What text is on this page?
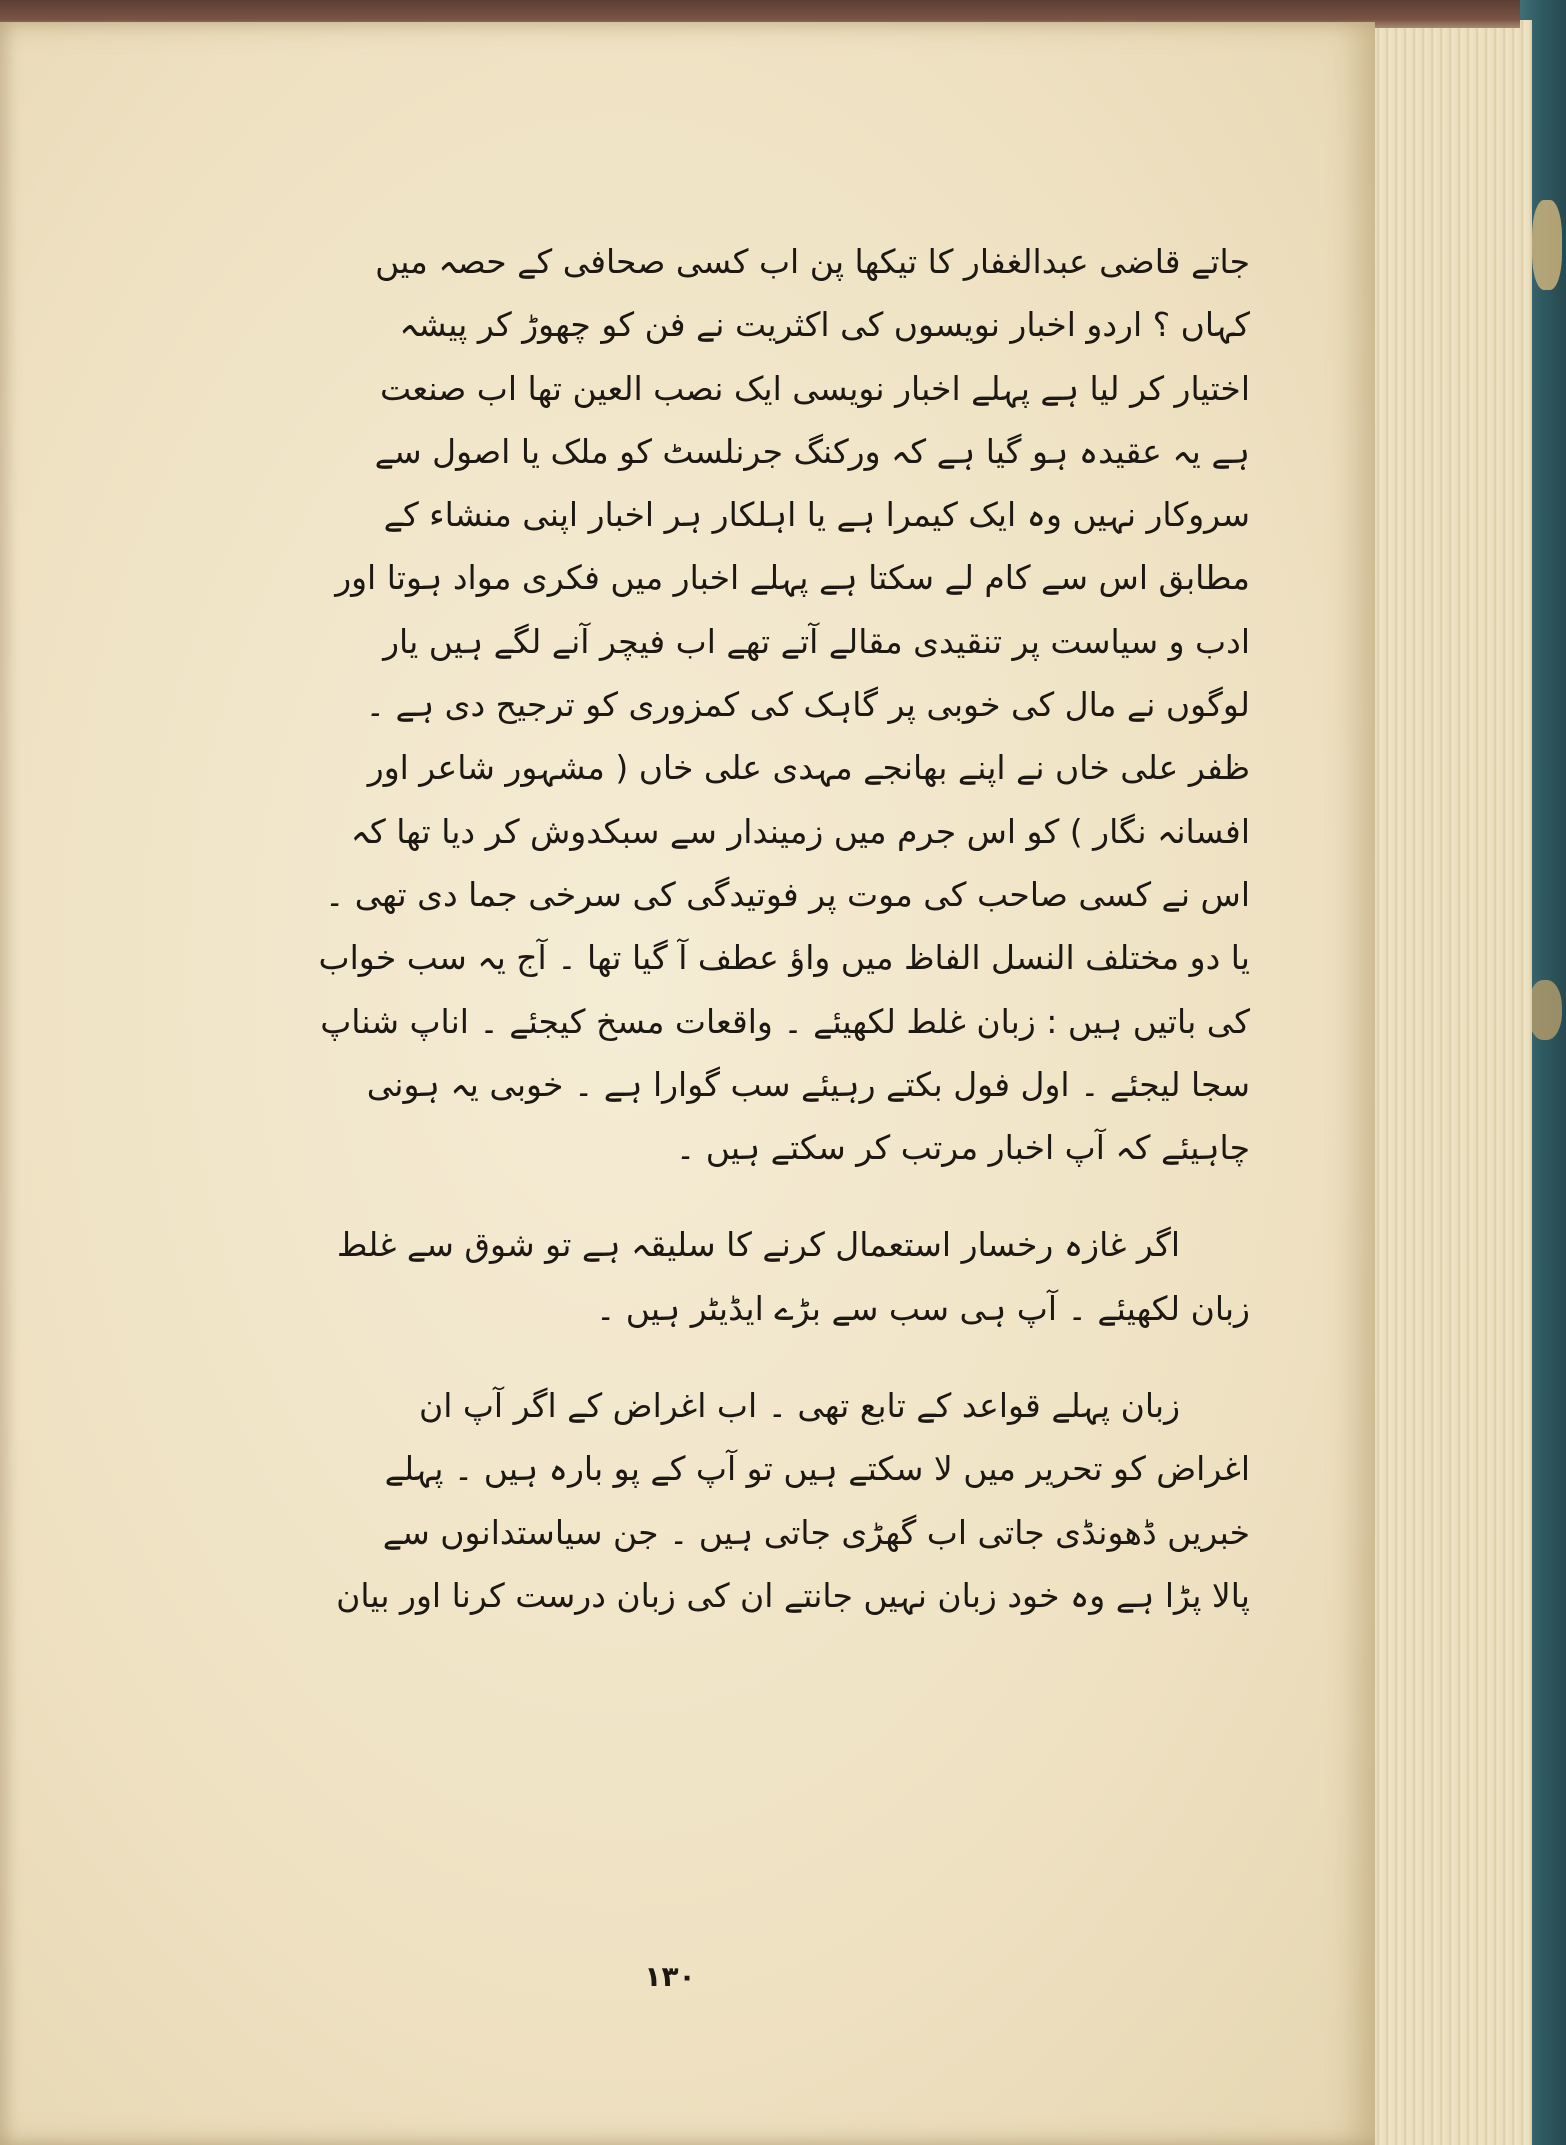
جاتے قاضی عبدالغفار کا تیکھا پن اب کسی صحافی کے حصہ میں
کہاں ؟ اردو اخبار نویسوں کی اکثریت نے فن کو چھوڑ کر پیشہ
اختیار کر لیا ہے پہلے اخبار نویسی ایک نصب العین تھا اب صنعت
ہے یہ عقیدہ ہو گیا ہے کہ ورکنگ جرنلسٹ کو ملک یا اصول سے
سروکار نہیں وہ ایک کیمرا ہے یا اہلکار ہر اخبار اپنی منشاء کے
مطابق اس سے کام لے سکتا ہے پہلے اخبار میں فکری مواد ہوتا اور
ادب و سیاست پر تنقیدی مقالے آتے تھے اب فیچر آنے لگے ہیں یار
لوگوں نے مال کی خوبی پر گاہک کی کمزوری کو ترجیح دی ہے ۔
ظفر علی خاں نے اپنے بھانجے مہدی علی خاں ( مشہور شاعر اور
افسانہ نگار ) کو اس جرم میں زمیندار سے سبکدوش کر دیا تھا کہ
اس نے کسی صاحب کی موت پر فوتیدگی کی سرخی جما دی تھی ۔
یا دو مختلف النسل الفاظ میں واؤ عطف آ گیا تھا ۔ آج یہ سب خواب
کی باتیں ہیں : زبان غلط لکھیئے ۔ واقعات مسخ کیجئے ۔ اناپ شناپ
سجا لیجئے ۔ اول فول بکتے رہیئے سب گوارا ہے ۔ خوبی یہ ہونی
چاہیئے کہ آپ اخبار مرتب کر سکتے ہیں ۔
اگر غازہ رخسار استعمال کرنے کا سلیقہ ہے تو شوق سے غلط
زبان لکھیئے ۔ آپ ہی سب سے بڑے ایڈیٹر ہیں ۔
زبان پہلے قواعد کے تابع تھی ۔ اب اغراض کے اگر آپ ان
اغراض کو تحریر میں لا سکتے ہیں تو آپ کے پو بارہ ہیں ۔ پہلے
خبریں ڈھونڈی جاتی اب گھڑی جاتی ہیں ۔ جن سیاستدانوں سے
پالا پڑا ہے وہ خود زبان نہیں جانتے ان کی زبان درست کرنا اور بیان
١٣٠
